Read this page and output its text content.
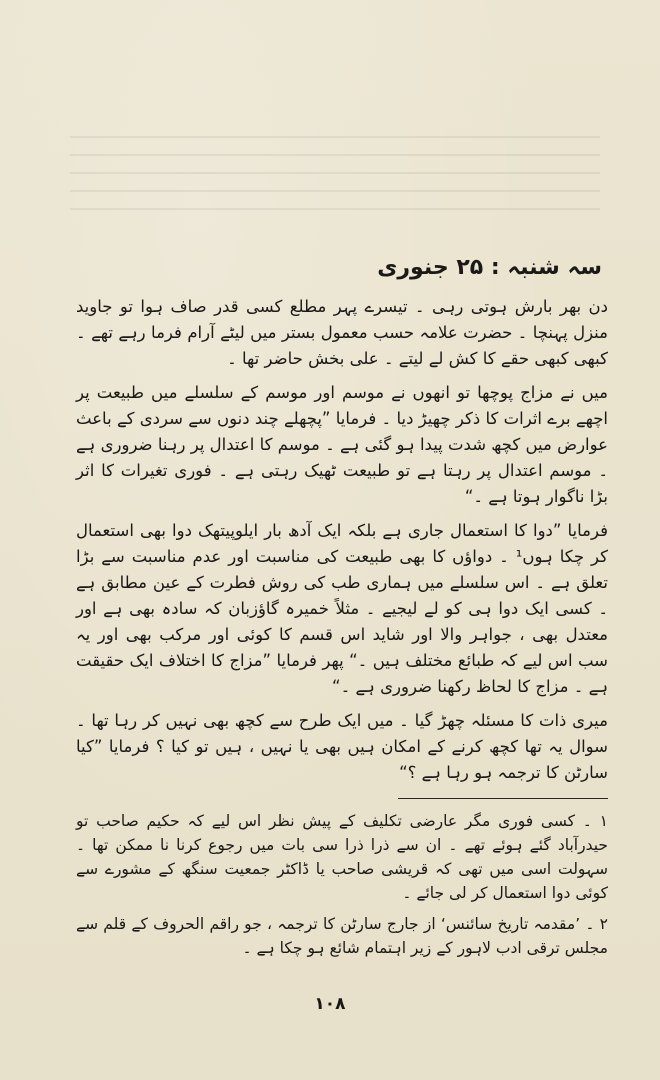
سہ شنبہ : ۲۵ جنوری
دن بھر بارش ہوتی رہی ۔ تیسرے پہر مطلع کسی قدر صاف ہوا تو جاوید منزل پہنچا ۔ حضرت علامہ حسب معمول بستر میں لیٹے آرام فرما رہے تھے ۔ کبھی کبھی حقے کا کش لے لیتے ۔ علی بخش حاضر تھا ۔
میں نے مزاج پوچھا تو انھوں نے موسم اور موسم کے سلسلے میں طبیعت پر اچھے برے اثرات کا ذکر چھیڑ دیا ۔ فرمایا ”پچھلے چند دنوں سے سردی کے باعث عوارض میں کچھ شدت پیدا ہو گئی ہے ۔ موسم کا اعتدال پر رہنا ضروری ہے ۔ موسم اعتدال پر رہتا ہے تو طبیعت ٹھیک رہتی ہے ۔ فوری تغیرات کا اثر بڑا ناگوار ہوتا ہے ۔“
فرمایا ”دوا کا استعمال جاری ہے بلکہ ایک آدھ بار ایلوپیتھک دوا بھی استعمال کر چکا ہوں¹ ۔ دواؤں کا بھی طبیعت کی مناسبت اور عدم مناسبت سے بڑا تعلق ہے ۔ اس سلسلے میں ہماری طب کی روش فطرت کے عین مطابق ہے ۔ کسی ایک دوا ہی کو لے لیجیے ۔ مثلاً خمیرہ گاؤزبان کہ سادہ بھی ہے اور معتدل بھی ، جواہر والا اور شاید اس قسم کا کوئی اور مرکب بھی اور یہ سب اس لیے کہ طبائع مختلف ہیں ۔“ پھر فرمایا ”مزاج کا اختلاف ایک حقیقت ہے ۔ مزاج کا لحاظ رکھنا ضروری ہے ۔“
میری ذات کا مسئلہ چھڑ گیا ۔ میں ایک طرح سے کچھ بھی نہیں کر رہا تھا ۔ سوال یہ تھا کچھ کرنے کے امکان ہیں بھی یا نہیں ، ہیں تو کیا ؟ فرمایا ”کیا سارٹن کا ترجمہ ہو رہا ہے ؟“
۱ ۔ کسی فوری مگر عارضی تکلیف کے پیش نظر اس لیے کہ حکیم صاحب تو حیدرآباد گئے ہوئے تھے ۔ ان سے ذرا ذرا سی بات میں رجوع کرنا نا ممکن تھا ۔ سہولت اسی میں تھی کہ قریشی صاحب یا ڈاکٹر جمعیت سنگھ کے مشورے سے کوئی دوا استعمال کر لی جائے ۔
۲ ۔ ’مقدمہ تاریخ سائنس‘ از جارج سارٹن کا ترجمہ ، جو راقم الحروف کے قلم سے مجلس ترقی ادب لاہور کے زیر اہتمام شائع ہو چکا ہے ۔
۱۰۸
